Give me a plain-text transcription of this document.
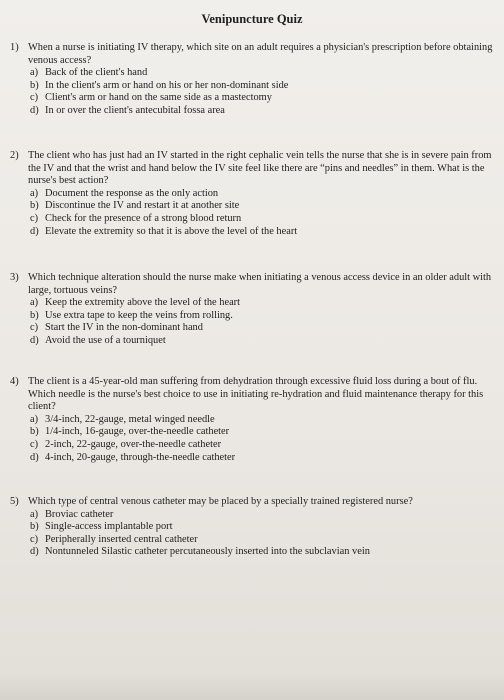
Venipuncture Quiz
1) When a nurse is initiating IV therapy, which site on an adult requires a physician's prescription before obtaining venous access?
a) Back of the client's hand
b) In the client's arm or hand on his or her non-dominant side
c) Client's arm or hand on the same side as a mastectomy
d) In or over the client's antecubital fossa area
2) The client who has just had an IV started in the right cephalic vein tells the nurse that she is in severe pain from the IV and that the wrist and hand below the IV site feel like there are “pins and needles” in them. What is the nurse's best action?
a) Document the response as the only action
b) Discontinue the IV and restart it at another site
c) Check for the presence of a strong blood return
d) Elevate the extremity so that it is above the level of the heart
3) Which technique alteration should the nurse make when initiating a venous access device in an older adult with large, tortuous veins?
a) Keep the extremity above the level of the heart
b) Use extra tape to keep the veins from rolling.
c) Start the IV in the non-dominant hand
d) Avoid the use of a tourniquet
4) The client is a 45-year-old man suffering from dehydration through excessive fluid loss during a bout of flu. Which needle is the nurse's best choice to use in initiating re-hydration and fluid maintenance therapy for this client?
a) 3/4-inch, 22-gauge, metal winged needle
b) 1/4-inch, 16-gauge, over-the-needle catheter
c) 2-inch, 22-gauge, over-the-needle catheter
d) 4-inch, 20-gauge, through-the-needle catheter
5) Which type of central venous catheter may be placed by a specially trained registered nurse?
a) Broviac catheter
b) Single-access implantable port
c) Peripherally inserted central catheter
d) Nontunneled Silastic catheter percutaneously inserted into the subclavian vein
